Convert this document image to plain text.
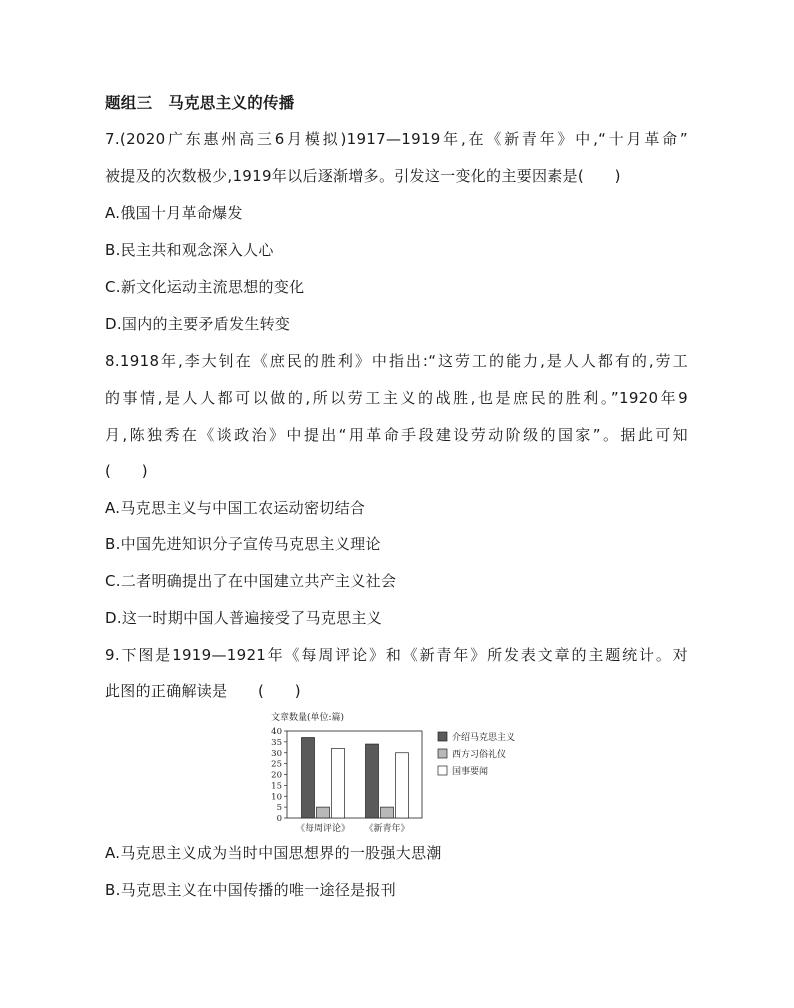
题组三　马克思主义的传播
7.(2020广东惠州高三6月模拟)1917—1919年,在《新青年》中,“十月革命”
被提及的次数极少,1919年以后逐渐增多。引发这一变化的主要因素是(　　)
A.俄国十月革命爆发
B.民主共和观念深入人心
C.新文化运动主流思想的变化
D.国内的主要矛盾发生转变
8.1918年,李大钊在《庶民的胜利》中指出:“这劳工的能力,是人人都有的,劳工
的事情,是人人都可以做的,所以劳工主义的战胜,也是庶民的胜利。”1920年9
月,陈独秀在《谈政治》中提出“用革命手段建设劳动阶级的国家”。据此可知
(　　)
A.马克思主义与中国工农运动密切结合
B.中国先进知识分子宣传马克思主义理论
C.二者明确提出了在中国建立共产主义社会
D.这一时期中国人普遍接受了马克思主义
9.下图是1919—1921年《每周评论》和《新青年》所发表文章的主题统计。对
此图的正确解读是　　(　　)
文章数量(单位:篇)
0
5
10
15
20
25
30
35
40
《每周评论》 《新青年》
介绍马克思主义
西方习俗礼仪
国事要闻
A.马克思主义成为当时中国思想界的一股强大思潮
B.马克思主义在中国传播的唯一途径是报刊
